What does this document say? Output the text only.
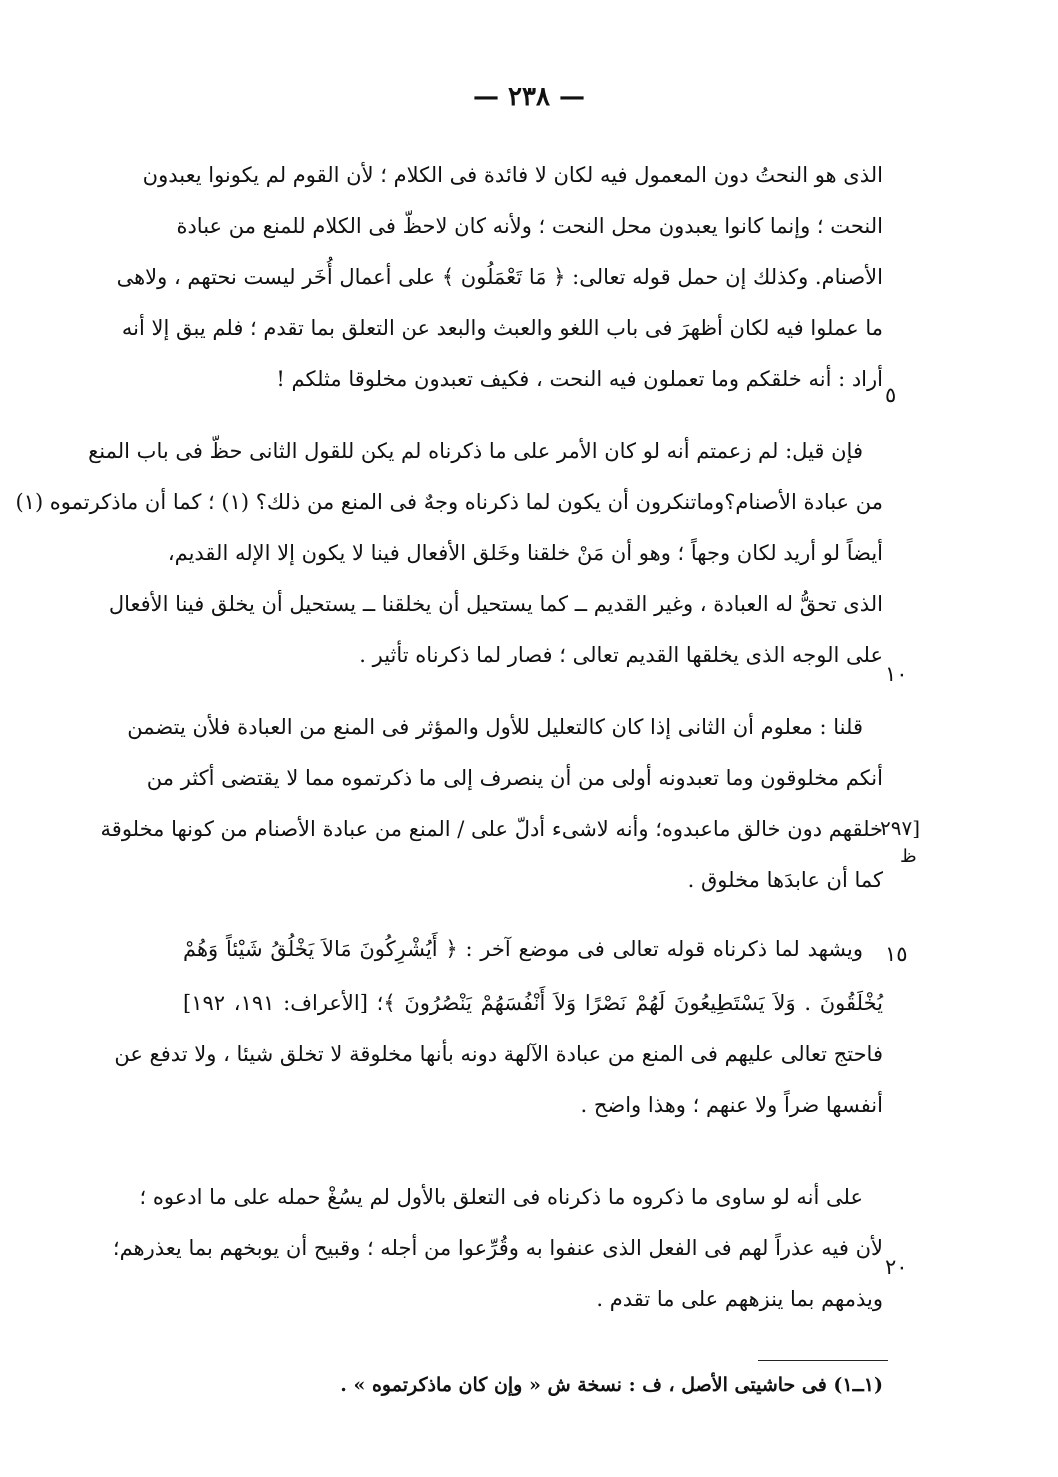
— ٢٣٨ —
الذى هو النحتُ دون المعمول فيه لكان لا فائدة فى الكلام ؛ لأن القوم لم يكونوا يعبدون
النحت ؛ وإنما كانوا يعبدون محل النحت ؛ ولأنه كان لاحظّ فى الكلام للمنع من عبادة
الأصنام. وكذلك إن حمل قوله تعالى: ﴿ مَا تَعْمَلُون ﴾ على أعمال أُخَر ليست نحتهم ، ولاهى
ما عملوا فيه لكان أظهرَ فى باب اللغو والعبث والبعد عن التعلق بما تقدم ؛ فلم يبق إلا أنه
أراد : أنه خلقكم وما تعملون فيه النحت ، فكيف تعبدون مخلوقا مثلكم !
٥
فإن قيل: لم زعمتم أنه لو كان الأمر على ما ذكرناه لم يكن للقول الثانى حظّ فى باب المنع
من عبادة الأصنام؟وماتنكرون أن يكون لما ذكرناه وجهٌ فى المنع من ذلك؟ (١) ؛ كما أن ماذكرتموه (١)
أيضاً لو أريد لكان وجهاً ؛ وهو أن مَنْ خلقنا وخَلق الأفعال فينا لا يكون إلا الإله القديم،
الذى تحقُّ له العبادة ، وغير القديم ــ كما يستحيل أن يخلقنا ــ يستحيل أن يخلق فينا الأفعال
على الوجه الذى يخلقها القديم تعالى ؛ فصار لما ذكرناه تأثير .
١٠
قلنا : معلوم أن الثانى إذا كان كالتعليل للأول والمؤثر فى المنع من العبادة فلأن يتضمن
أنكم مخلوقون وما تعبدونه أولى من أن ينصرف إلى ما ذكرتموه مما لا يقتضى أكثر من
خلقهم دون خالق ماعبدوه؛ وأنه لاشىء أدلّ على / المنع من عبادة الأصنام من كونها مخلوقة
[٢٩٧
ظ
كما أن عابدَها مخلوق .
ويشهد لما ذكرناه قوله تعالى فى موضع آخر : ﴿ أَيُشْرِكُونَ مَالاَ يَخْلُقُ شَيْئاً وَهُمْ ١٥
يُخْلَقُونَ . وَلاَ يَسْتَطِيعُونَ لَهُمْ نَصْرًا وَلاَ أَنْفُسَهُمْ يَنْصُرُونَ ﴾؛ [الأعراف: ١٩١، ١٩٢]
فاحتج تعالى عليهم فى المنع من عبادة الآلهة دونه بأنها مخلوقة لا تخلق شيئا ، ولا تدفع عن
أنفسها ضراً ولا عنهم ؛ وهذا واضح .
على أنه لو ساوى ما ذكروه ما ذكرناه فى التعلق بالأول لم يسُغْ حمله على ما ادعوه ؛
لأن فيه عذراً لهم فى الفعل الذى عنفوا به وقُرِّعوا من أجله ؛ وقبيح أن يوبخهم بما يعذرهم؛
٢٠
ويذمهم بما ينزههم على ما تقدم .
(١ــ١) فى حاشيتى الأصل ، ف : نسخة ش « وإن كان ماذكرتموه » .
